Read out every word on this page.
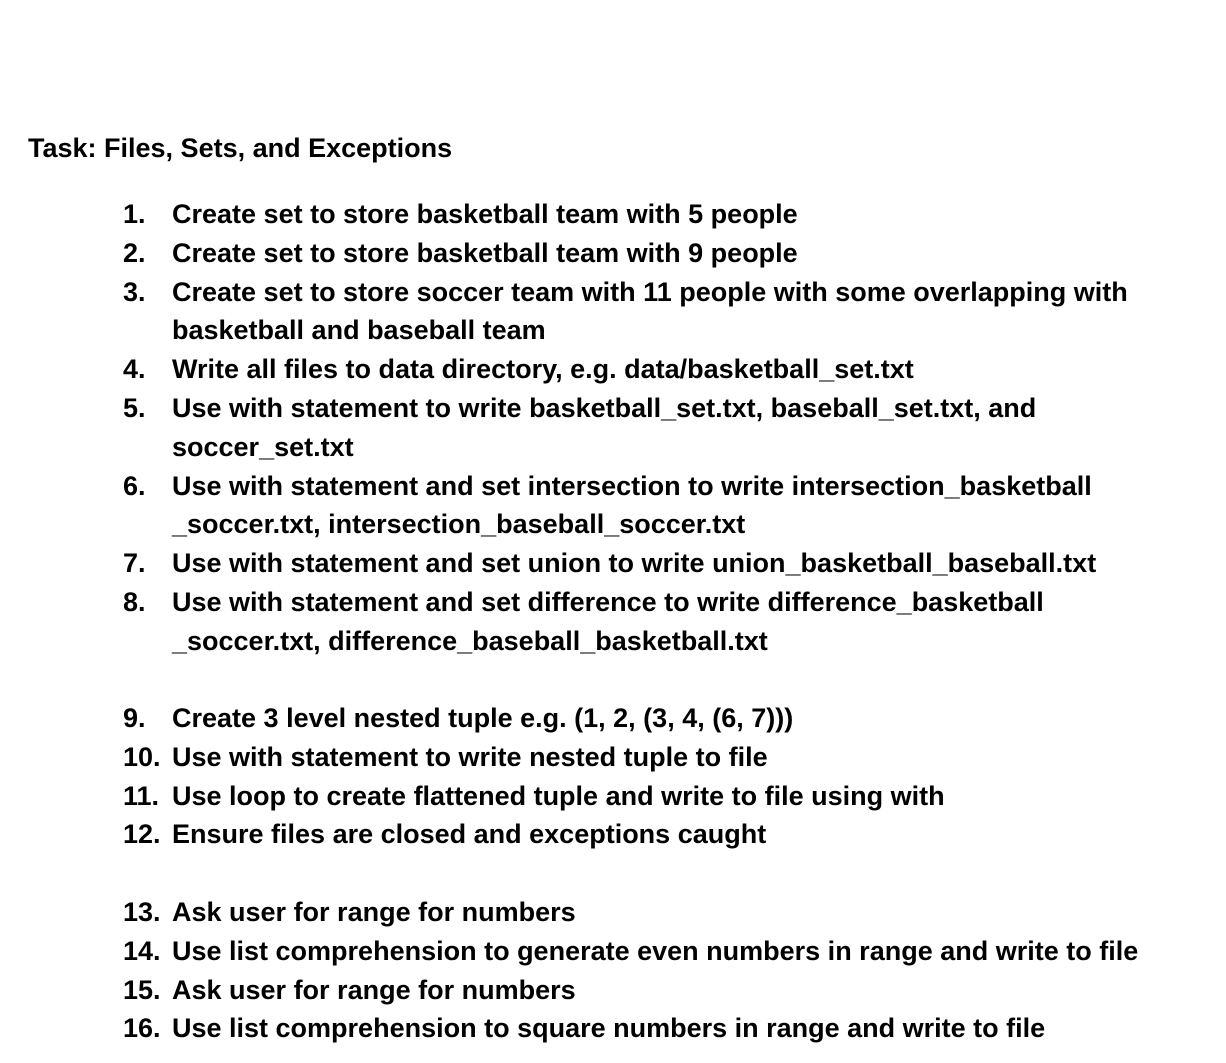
Task: Files, Sets, and Exceptions
1. Create set to store basketball team with 5 people
2. Create set to store basketball team with 9 people
3. Create set to store soccer team with 11 people with some overlapping with
basketball and baseball team
4. Write all files to data directory, e.g. data/basketball_set.txt
5. Use with statement to write basketball_set.txt, baseball_set.txt, and
soccer_set.txt
6. Use with statement and set intersection to write intersection_basketball
_soccer.txt, intersection_baseball_soccer.txt
7. Use with statement and set union to write union_basketball_baseball.txt
8. Use with statement and set difference to write difference_basketball
_soccer.txt, difference_baseball_basketball.txt
9. Create 3 level nested tuple e.g. (1, 2, (3, 4, (6, 7)))
10. Use with statement to write nested tuple to file
11. Use loop to create flattened tuple and write to file using with
12. Ensure files are closed and exceptions caught
13. Ask user for range for numbers
14. Use list comprehension to generate even numbers in range and write to file
15. Ask user for range for numbers
16. Use list comprehension to square numbers in range and write to file
